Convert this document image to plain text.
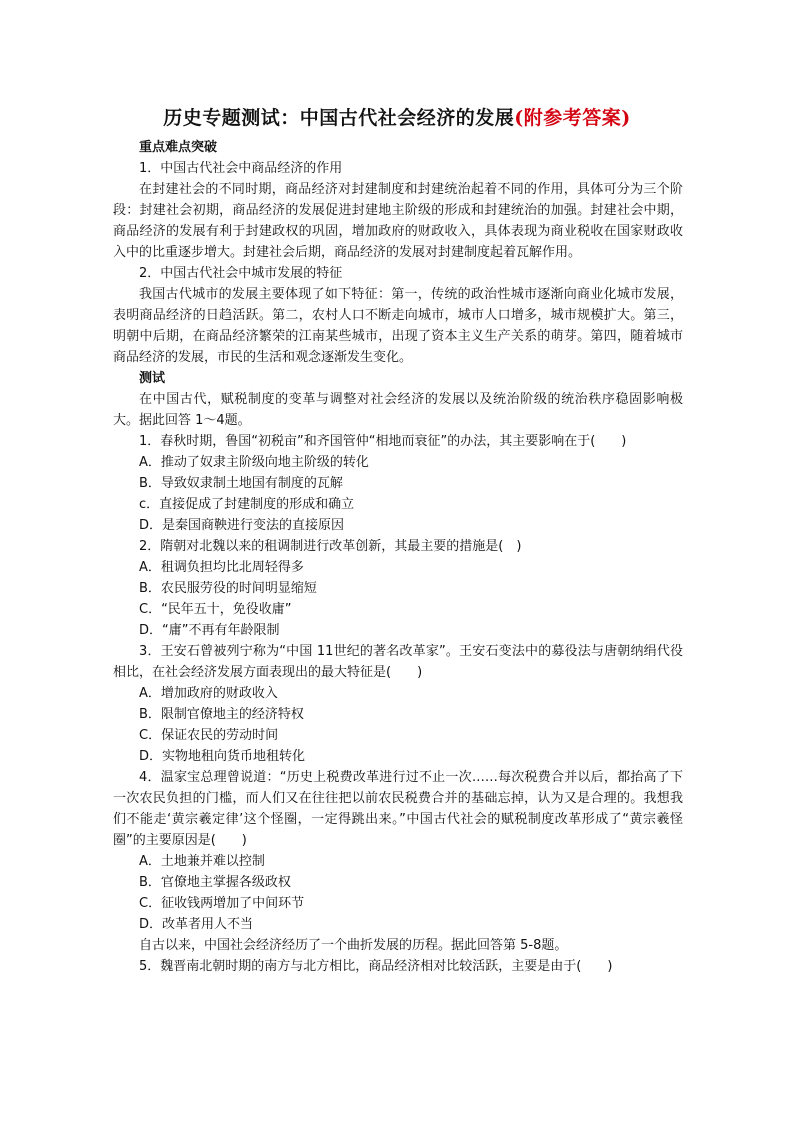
历史专题测试：中国古代社会经济的发展(附参考答案)

重点难点突破

1．中国古代社会中商品经济的作用

在封建社会的不同时期，商品经济对封建制度和封建统治起着不同的作用，具体可分为三个阶段：封建社会初期，商品经济的发展促进封建地主阶级的形成和封建统治的加强。封建社会中期，商品经济的发展有利于封建政权的巩固，增加政府的财政收入，具体表现为商业税收在国家财政收入中的比重逐步增大。封建社会后期，商品经济的发展对封建制度起着瓦解作用。

2．中国古代社会中城市发展的特征

我国古代城市的发展主要体现了如下特征：第一，传统的政治性城市逐渐向商业化城市发展，表明商品经济的日趋活跃。第二，农村人口不断走向城市，城市人口增多，城市规模扩大。第三，明朝中后期，在商品经济繁荣的江南某些城市，出现了资本主义生产关系的萌芽。第四，随着城市商品经济的发展，市民的生活和观念逐渐发生变化。

测试

在中国古代，赋税制度的变革与调整对社会经济的发展以及统治阶级的统治秩序稳固影响极大。据此回答 1～4题。

1．春秋时期，鲁国“初税亩”和齐国管仲“相地而衰征”的办法，其主要影响在于(　　)

A．推动了奴隶主阶级向地主阶级的转化

B．导致奴隶制土地国有制度的瓦解

c．直接促成了封建制度的形成和确立

D．是秦国商鞅进行变法的直接原因

2．隋朝对北魏以来的租调制进行改革创新，其最主要的措施是(　)

A．租调负担均比北周轻得多

B．农民服劳役的时间明显缩短

C．“民年五十，免役收庸”

D．“庸”不再有年龄限制

3．王安石曾被列宁称为“中国 11世纪的著名改革家”。王安石变法中的募役法与唐朝纳绢代役相比，在社会经济发展方面表现出的最大特征是(　　)

A．增加政府的财政收入

B．限制官僚地主的经济特权

C．保证农民的劳动时间

D．实物地租向货币地租转化

4．温家宝总理曾说道：“历史上税费改革进行过不止一次……每次税费合并以后，都抬高了下一次农民负担的门槛，而人们又在往往把以前农民税费合并的基础忘掉，认为又是合理的。我想我们不能走‘黄宗羲定律’这个怪圈，一定得跳出来。”中国古代社会的赋税制度改革形成了“黄宗羲怪圈”的主要原因是(　　)

A．土地兼并难以控制

B．官僚地主掌握各级政权

C．征收钱两增加了中间环节

D．改革者用人不当

自古以来，中国社会经济经历了一个曲折发展的历程。据此回答第 5-8题。

5．魏晋南北朝时期的南方与北方相比，商品经济相对比较活跃，主要是由于(　　)
